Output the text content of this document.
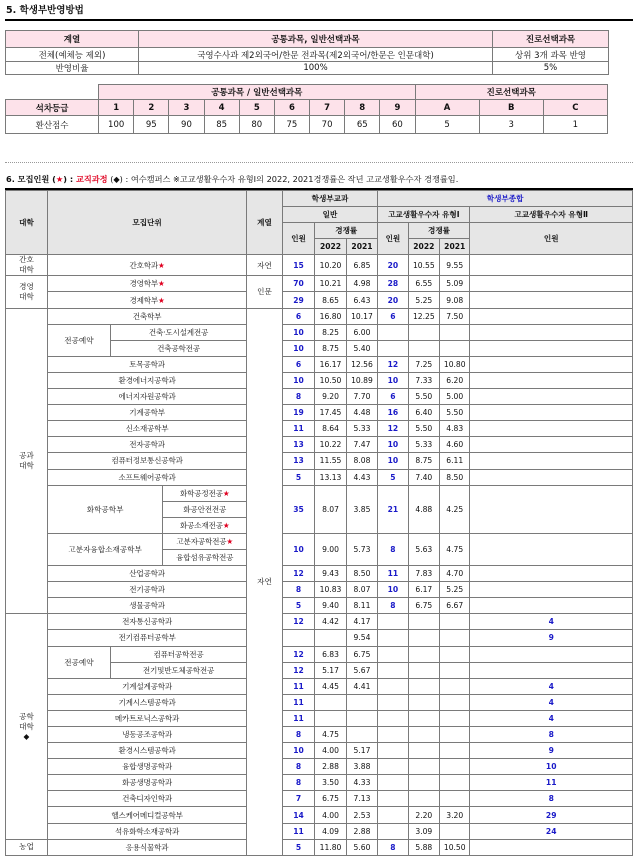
5. 학생부반영방법
계열	공통과목, 일반선택과목	진로선택과목
전체(예체능 제외)	국영수사과 제2외국어/한문 전과목(제2외국어/한문은 인문대학)	상위 3개 과목 반영
반영비율	100%	5%
	공통과목 / 일반선택과목									진로선택과목		
석차등급	1	2	3	4	5	6	7	8	9	A	B	C
환산점수	100	95	90	85	80	75	70	65	60	5	3	1
6. 모집인원 (★) : 교직과정 (◆) : 여수캠퍼스 ※고교생활우수자 유형Ⅰ의 2022, 2021경쟁률은 작년 고교생활우수자 경쟁률임.
대학	모집단위			계열	학생부교과			학생부종합			
					일반			고교생활우수자 유형Ⅰ			고교생활우수자 유형Ⅱ
					인원	경쟁률		인원	경쟁률		인원
						2022	2021		2022	2021	
간호
대학	간호학과★			자연	15	10.20	6.85	20	10.55	9.55	
경영
대학	경영학부★			인문	70	10.21	4.98	28	6.55	5.09	
	경제학부★				29	8.65	6.43	20	5.25	9.08	
공과
대학	건축학부			자연	6	16.80	10.17	6	12.25	7.50	
	전공예약	건축·도시설계전공			10	8.25	6.00				
		건축공학전공			10	8.75	5.40				
	토목공학과				6	16.17	12.56	12	7.25	10.80	
	환경에너지공학과				10	10.50	10.89	10	7.33	6.20	
	에너지자원공학과				8	9.20	7.70	6	5.50	5.00	
	기계공학부				19	17.45	4.48	16	6.40	5.50	
	신소재공학부				11	8.64	5.33	12	5.50	4.83	
	전자공학과				13	10.22	7.47	10	5.33	4.60	
	컴퓨터정보통신공학과				13	11.55	8.08	10	8.75	6.11	
	소프트웨어공학과				5	13.13	4.43	5	7.40	8.50	
	화학공학부		화학공정전공★		35	8.07	3.85	21	4.88	4.25	
			화공안전전공								
			화공소재전공★								
	고분자융합소재공학부		고분자공학전공★		10	9.00	5.73	8	5.63	4.75	
			융합섬유공학전공								
	산업공학과				12	9.43	8.50	11	7.83	4.70	
	전기공학과				8	10.83	8.07	10	6.17	5.25	
	생물공학과				5	9.40	8.11	8	6.75	6.67	
공학
대학
◆	전자통신공학과				12	4.42	4.17				4
	전기컴퓨터공학부						9.54				9
	전공예약	컴퓨터공학전공			12	6.83	6.75				
		전기및반도체공학전공			12	5.17	5.67				
	기계설계공학과				11	4.45	4.41				4
	기계시스템공학과				11						4
	메카트로닉스공학과				11						4
	냉동공조공학과				8	4.75					8
	환경시스템공학과				10	4.00	5.17				9
	융합생명공학과				8	2.88	3.88				10
	화공생명공학과				8	3.50	4.33				11
	건축디자인학과				7	6.75	7.13				8
	헬스케어메디컬공학부				14	4.00	2.53		2.20	3.20	29
	석유화학소재공학과				11	4.09	2.88		3.09		24
농업	응용식물학과				5	11.80	5.60	8	5.88	10.50	
